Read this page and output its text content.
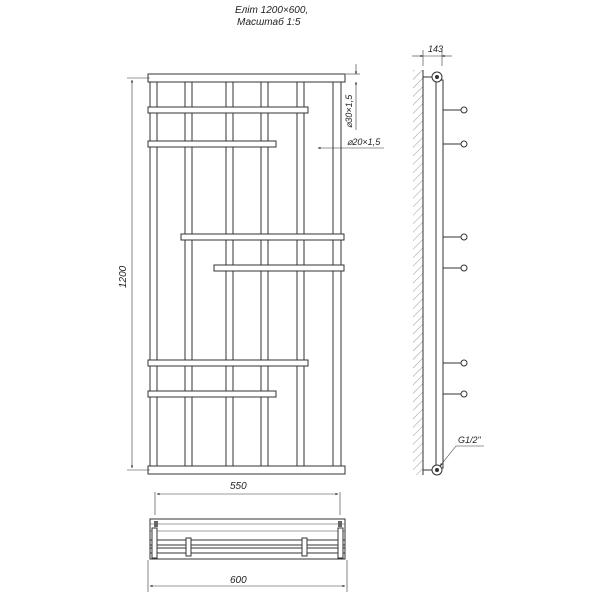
Еліт 1200×600,
Масштаб 1:5
1200
⌀30×1,5
⌀20×1,5
143
G1/2"
550
600
